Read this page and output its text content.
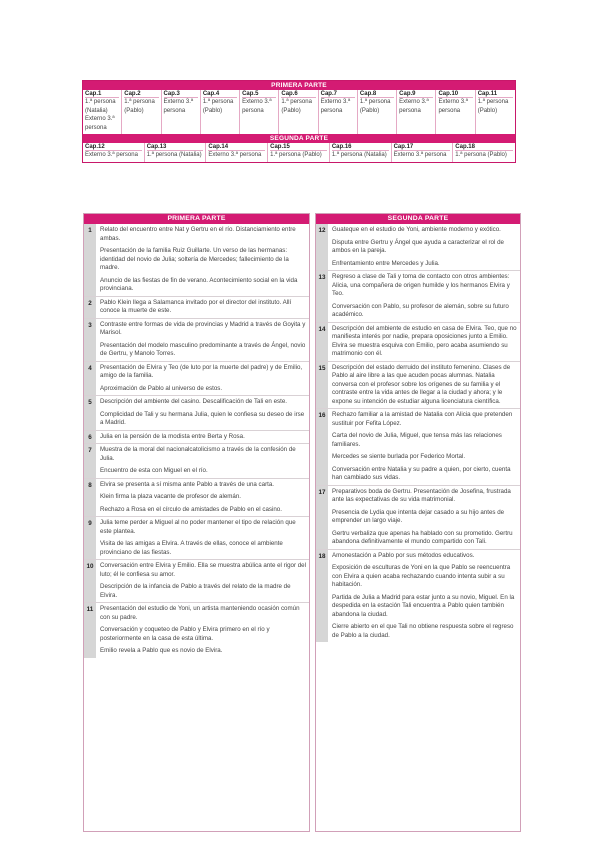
PRIMERA PARTE
Cap.1
1.ª persona (Natalia) Externo 3.ª persona
Cap.2
1.ª persona (Pablo)
Cap.3
Externo 3.ª persona
Cap.4
1.ª persona (Pablo)
Cap.5
Externo 3.ª persona
Cap.6
1.ª persona (Pablo)
Cap.7
Externo 3.ª persona
Cap.8
1.ª persona (Pablo)
Cap.9
Externo 3.ª persona
Cap.10
Externo 3.ª persona
Cap.11
1.ª persona (Pablo)
SEGUNDA PARTE
Cap.12
Externo 3.ª persona
Cap.13
1.ª persona (Natalia)
Cap.14
Externo 3.ª persona
Cap.15
1.ª persona (Pablo)
Cap.16
1.ª persona (Natalia)
Cap.17
Externo 3.ª persona
Cap.18
1.ª persona (Pablo)
PRIMERA PARTE
1	Relato del encuentro entre Nat y Gertru en el río. Distanciamiento entre ambas.

Presentación de la familia Ruiz Guillarte. Un verso de las hermanas: identidad del novio de Julia; soltería de Mercedes; fallecimiento de la madre.

Anuncio de las fiestas de fin de verano. Acontecimiento social en la vida provinciana.

2	Pablo Klein llega a Salamanca invitado por el director del instituto. Allí conoce la muerte de este.

3	Contraste entre formas de vida de provincias y Madrid a través de Goyita y Marisol.

Presentación del modelo masculino predominante a través de Ángel, novio de Gertru, y Manolo Torres.

4	Presentación de Elvira y Teo (de luto por la muerte del padre) y de Emilio, amigo de la familia.

Aproximación de Pablo al universo de estos.

5	Descripción del ambiente del casino. Descalificación de Tali en este.

Complicidad de Tali y su hermana Julia, quien le confiesa su deseo de irse a Madrid.

6	Julia en la pensión de la modista entre Berta y Rosa.

7	Muestra de la moral del nacionalcatolicismo a través de la confesión de Julia.

Encuentro de esta con Miguel en el río.

8	Elvira se presenta a sí misma ante Pablo a través de una carta.

Klein firma la plaza vacante de profesor de alemán.

Rechazo a Rosa en el círculo de amistades de Pablo en el casino.

9	Julia teme perder a Miguel al no poder mantener el tipo de relación que este plantea.

Visita de las amigas a Elvira. A través de ellas, conoce el ambiente provinciano de las fiestas.

10	Conversación entre Elvira y Emilio. Ella se muestra abúlica ante el rigor del luto; él le confiesa su amor.

Descripción de la infancia de Pablo a través del relato de la madre de Elvira.

11	Presentación del estudio de Yoni, un artista manteniendo ocasión común con su padre.

Conversación y coqueteo de Pablo y Elvira primero en el río y posteriormente en la casa de esta última.

Emilio revela a Pablo que es novio de Elvira.

SEGUNDA PARTE
12	Guateque en el estudio de Yoni, ambiente moderno y exótico.

Disputa entre Gertru y Ángel que ayuda a caracterizar el rol de ambos en la pareja.

Enfrentamiento entre Mercedes y Julia.

13	Regreso a clase de Tali y toma de contacto con otros ambientes: Alicia, una compañera de origen humilde y los hermanos Elvira y Teo.

Conversación con Pablo, su profesor de alemán, sobre su futuro académico.

14	Descripción del ambiente de estudio en casa de Elvira. Teo, que no manifiesta interés por nadie, prepara oposiciones junto a Emilio. Elvira se muestra esquiva con Emilio, pero acaba asumiendo su matrimonio con él.

15	Descripción del estado derruido del instituto femenino. Clases de Pablo al aire libre a las que acuden pocas alumnas. Natalia conversa con el profesor sobre los orígenes de su familia y el contraste entre la vida antes de llegar a la ciudad y ahora; y le expone su intención de estudiar alguna licenciatura científica.

16	Rechazo familiar a la amistad de Natalia con Alicia que pretenden sustituir por Fefita López.

Carta del novio de Julia, Miguel, que tensa más las relaciones familiares.

Mercedes se siente burlada por Federico Mortal.

Conversación entre Natalia y su padre a quien, por cierto, cuenta han cambiado sus vidas.

17	Preparativos boda de Gertru. Presentación de Josefina, frustrada ante las expectativas de su vida matrimonial.

Presencia de Lydia que intenta dejar casado a su hijo antes de emprender un largo viaje.

Gertru verbaliza que apenas ha hablado con su prometido. Gertru abandona definitivamente el mundo compartido con Tali.

18	Amonestación a Pablo por sus métodos educativos.

Exposición de esculturas de Yoni en la que Pablo se reencuentra con Elvira a quien acaba rechazando cuando intenta subir a su habitación.

Partida de Julia a Madrid para estar junto a su novio, Miguel. En la despedida en la estación Tali encuentra a Pablo quien también abandona la ciudad.

Cierre abierto en el que Tali no obtiene respuesta sobre el regreso de Pablo a la ciudad.
